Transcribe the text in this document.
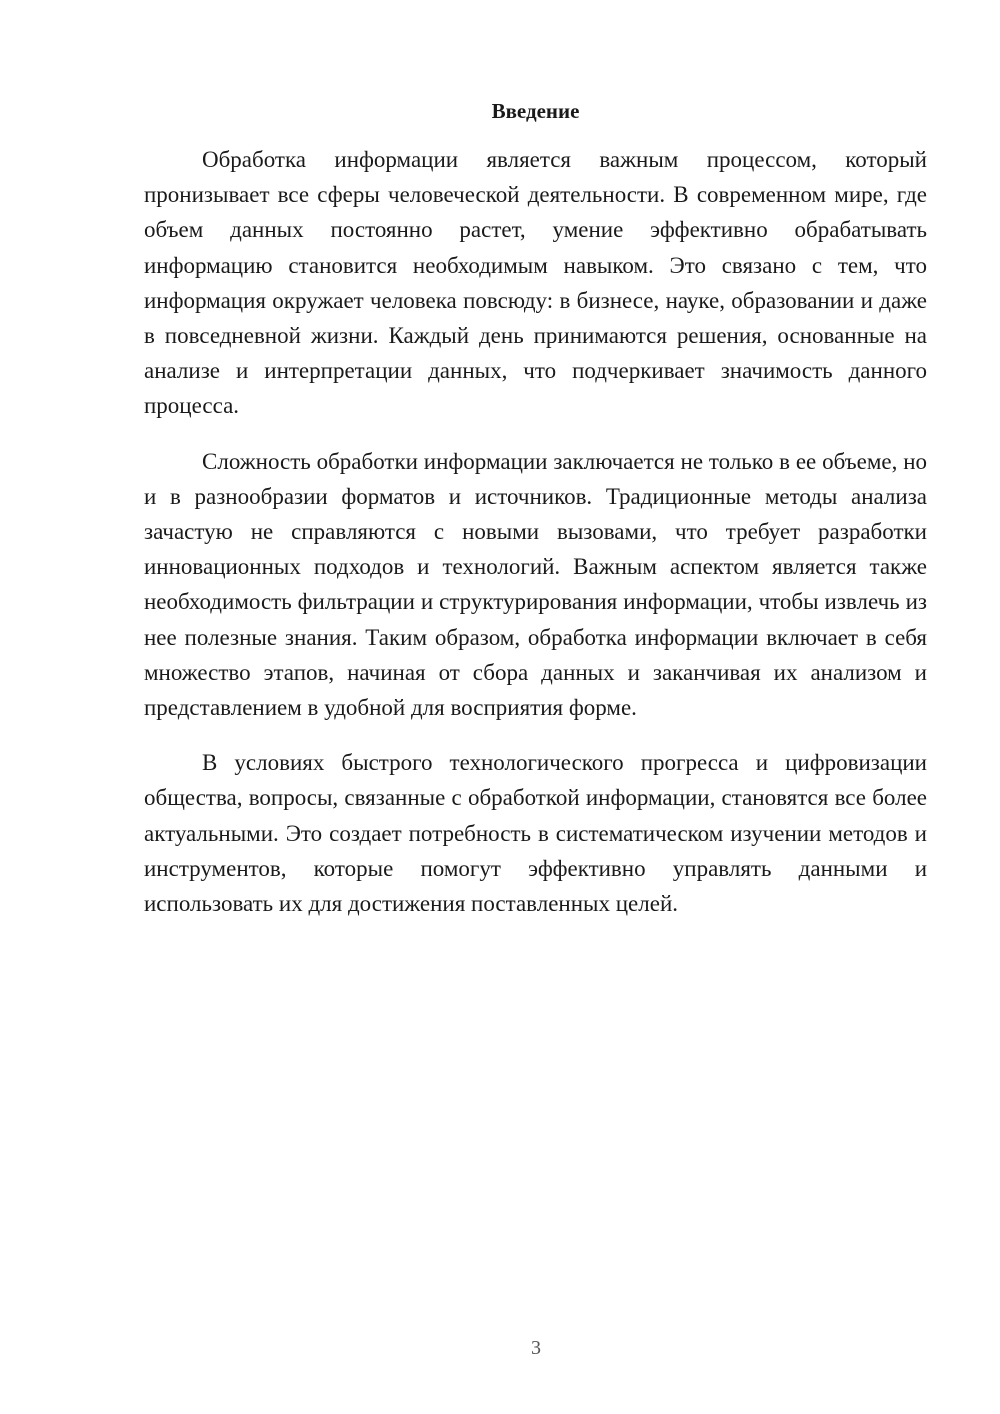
Введение

Обработка информации является важным процессом, который пронизывает все сферы человеческой деятельности. В современном мире, где объем данных постоянно растет, умение эффективно обрабатывать информацию становится необходимым навыком. Это связано с тем, что информация окружает человека повсюду: в бизнесе, науке, образовании и даже в повседневной жизни. Каждый день принимаются решения, основанные на анализе и интерпретации данных, что подчеркивает значимость данного процесса.

Сложность обработки информации заключается не только в ее объеме, но и в разнообразии форматов и источников. Традиционные методы анализа зачастую не справляются с новыми вызовами, что требует разработки инновационных подходов и технологий. Важным аспектом является также необходимость фильтрации и структурирования информации, чтобы извлечь из нее полезные знания. Таким образом, обработка информации включает в себя множество этапов, начиная от сбора данных и заканчивая их анализом и представлением в удобной для восприятия форме.

В условиях быстрого технологического прогресса и цифровизации общества, вопросы, связанные с обработкой информации, становятся все более актуальными. Это создает потребность в систематическом изучении методов и инструментов, которые помогут эффективно управлять данными и использовать их для достижения поставленных целей.

3
